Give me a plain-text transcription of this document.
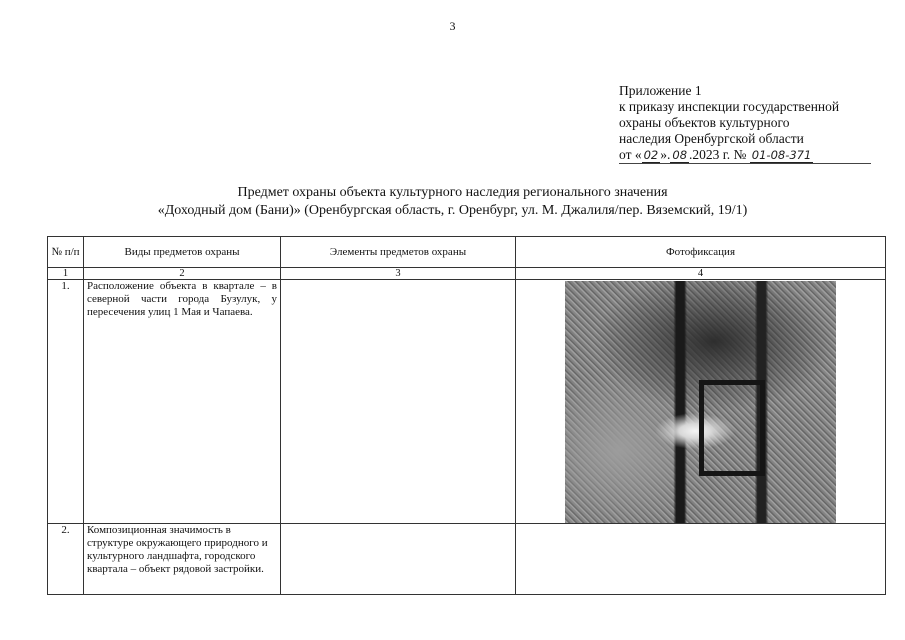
3
Приложение 1
к приказу инспекции государственной
охраны объектов культурного
наследия Оренбургской области
от « 02 ». 08 .2023 г. № 01-08-371
Предмет охраны объекта культурного наследия регионального значения
«Доходный дом (Бани)» (Оренбургская область, г. Оренбург, ул. М. Джалиля/пер. Вяземский, 19/1)
№ п/п	Виды предметов охраны	Элементы предметов охраны	Фотофиксация
1	2	3	4
1.	Расположение объекта в квартале – в северной части города Бузулук, у пересечения улиц 1 Мая и Чапаева.		

2.	Композиционная значимость в структуре окружающего природного и культурного ландшафта, городского квартала – объект рядовой застройки.		
